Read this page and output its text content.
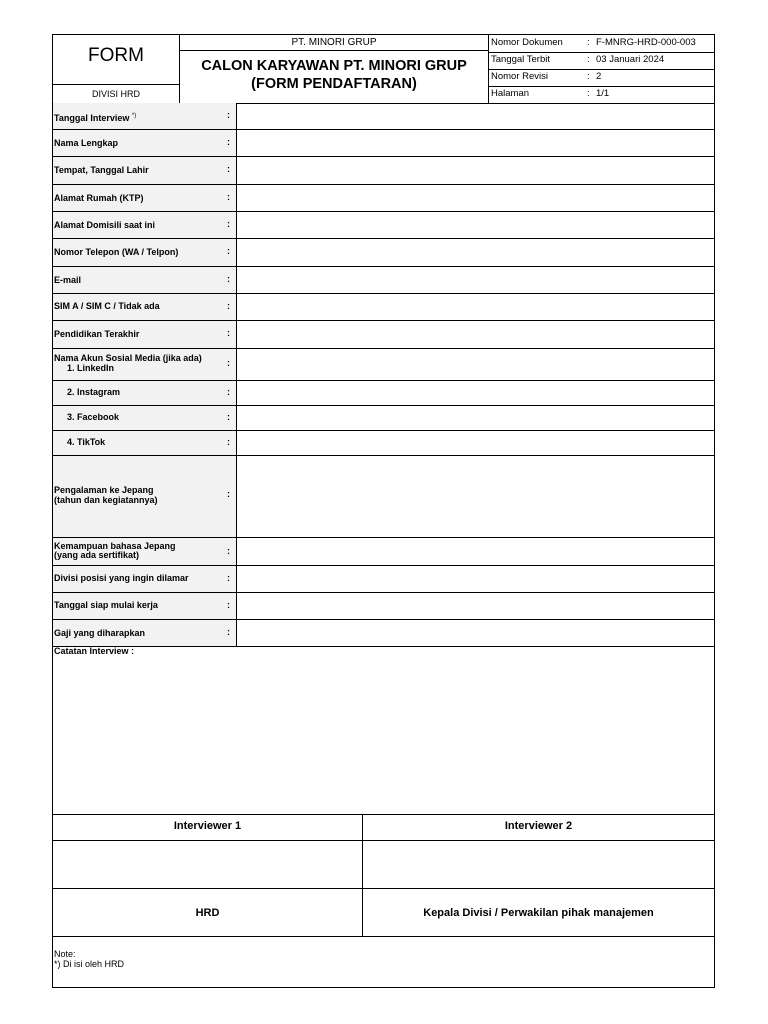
FORM
DIVISI HRD
PT. MINORI GRUP
CALON KARYAWAN PT. MINORI GRUP
(FORM PENDAFTARAN)
Nomor Dokumen	: F-MNRG-HRD-000-003
Tanggal Terbit	: 03 Januari 2024
Nomor Revisi	: 2
Halaman	: 1/1
Tanggal Interview *)	:
Nama Lengkap	:
Tempat, Tanggal Lahir	:
Alamat Rumah (KTP)	:
Alamat Domisili saat ini	:
Nomor Telepon (WA / Telpon)	:
E-mail	:
SIM A / SIM C / Tidak ada	:
Pendidikan Terakhir	:
Nama Akun Sosial Media (jika ada)
1. LinkedIn	:
2. Instagram	:
3. Facebook	:
4. TikTok	:
Pengalaman ke Jepang
(tahun dan kegiatannya)
:
Kemampuan bahasa Jepang
(yang ada sertifikat)	:
Divisi posisi yang ingin dilamar	:
Tanggal siap mulai kerja	:
Gaji yang diharapkan	:
Catatan Interview :
Interviewer 1	Interviewer 2
HRD	Kepala Divisi / Perwakilan pihak manajemen
Note:
*) Di isi oleh HRD
